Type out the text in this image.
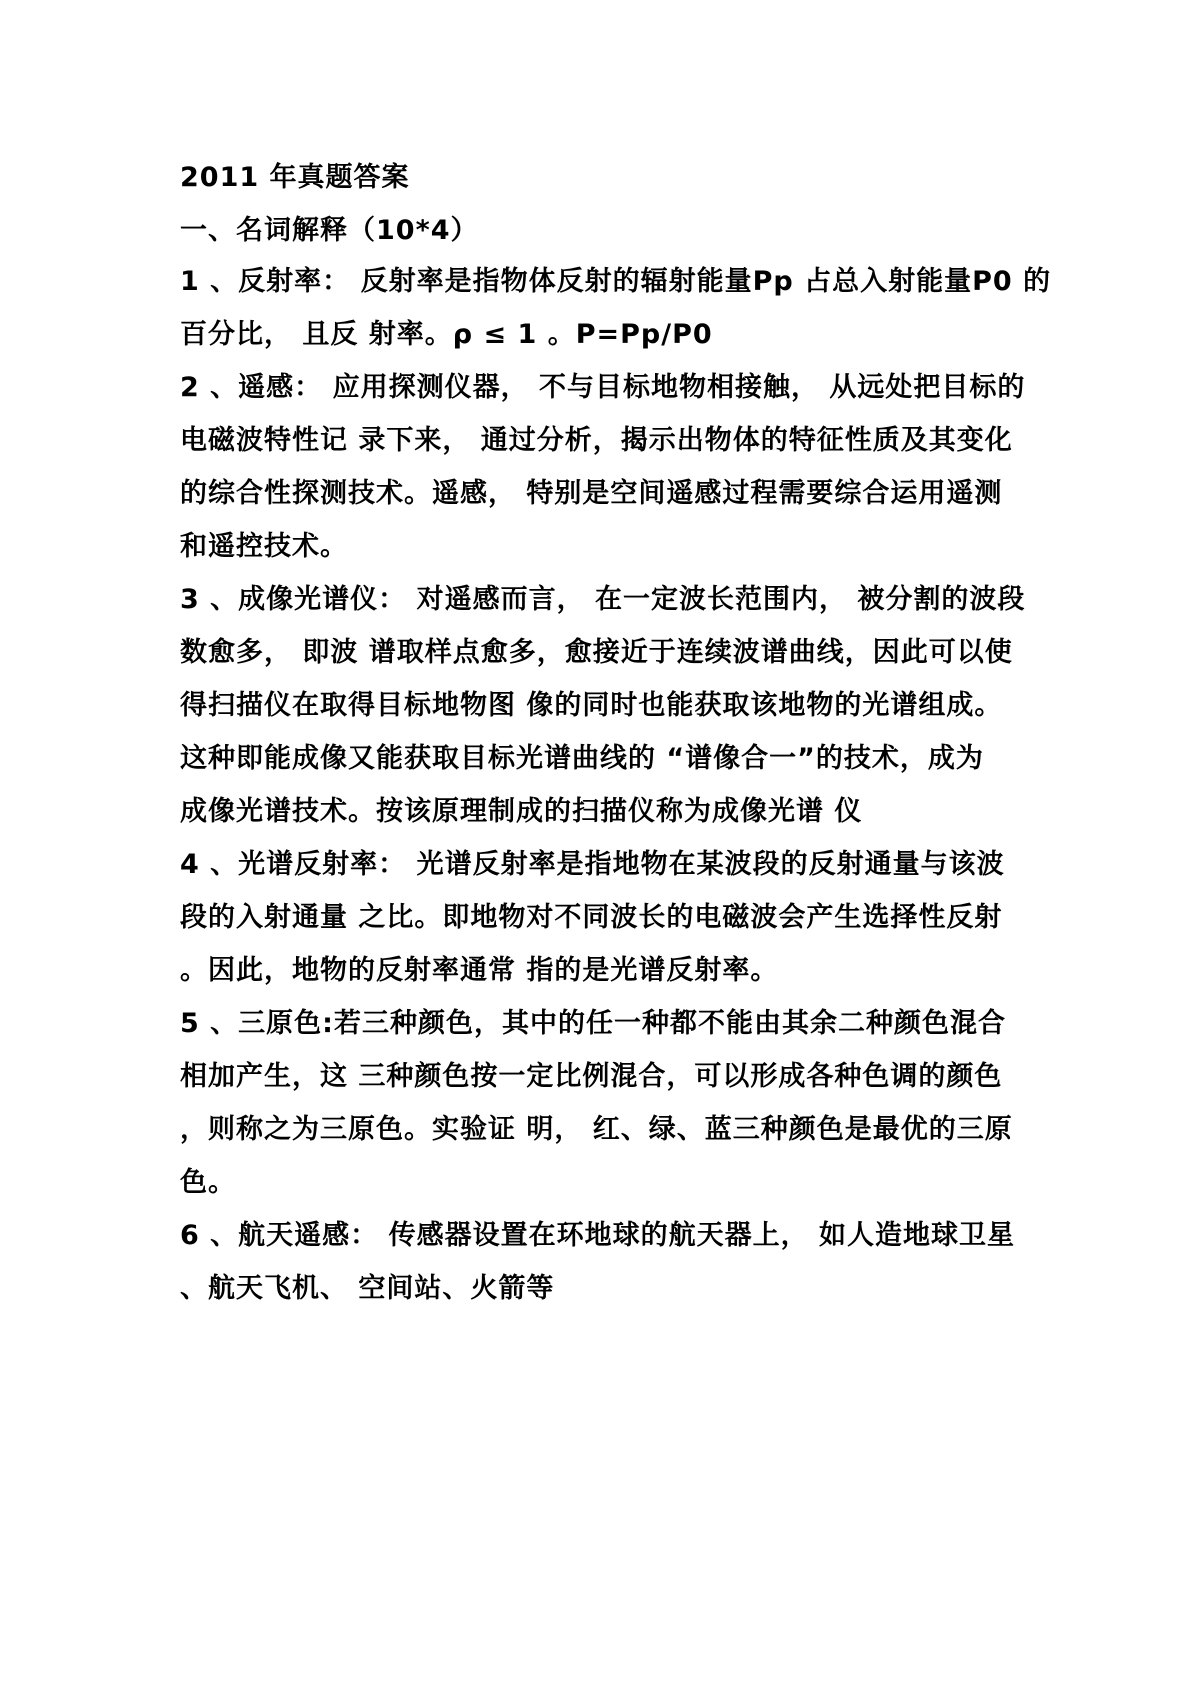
2011 年真题答案
一、名词解释（10*4）
1 、反射率： 反射率是指物体反射的辐射能量Pp 占总入射能量P0 的
百分比， 且反 射率。ρ ≤ 1 。P=Pp/P0
2 、遥感： 应用探测仪器， 不与目标地物相接触， 从远处把目标的
电磁波特性记 录下来， 通过分析，揭示出物体的特征性质及其变化
的综合性探测技术。遥感， 特别是空间遥感过程需要综合运用遥测
和遥控技术。
3 、成像光谱仪： 对遥感而言， 在一定波长范围内， 被分割的波段
数愈多， 即波 谱取样点愈多，愈接近于连续波谱曲线，因此可以使
得扫描仪在取得目标地物图 像的同时也能获取该地物的光谱组成。
这种即能成像又能获取目标光谱曲线的 “谱像合一”的技术，成为
成像光谱技术。按该原理制成的扫描仪称为成像光谱 仪
4 、光谱反射率： 光谱反射率是指地物在某波段的反射通量与该波
段的入射通量 之比。即地物对不同波长的电磁波会产生选择性反射
。因此，地物的反射率通常 指的是光谱反射率。
5 、三原色:若三种颜色，其中的任一种都不能由其余二种颜色混合
相加产生，这 三种颜色按一定比例混合，可以形成各种色调的颜色
，则称之为三原色。实验证 明， 红、绿、蓝三种颜色是最优的三原
色。
6 、航天遥感： 传感器设置在环地球的航天器上， 如人造地球卫星
、航天飞机、 空间站、火箭等
